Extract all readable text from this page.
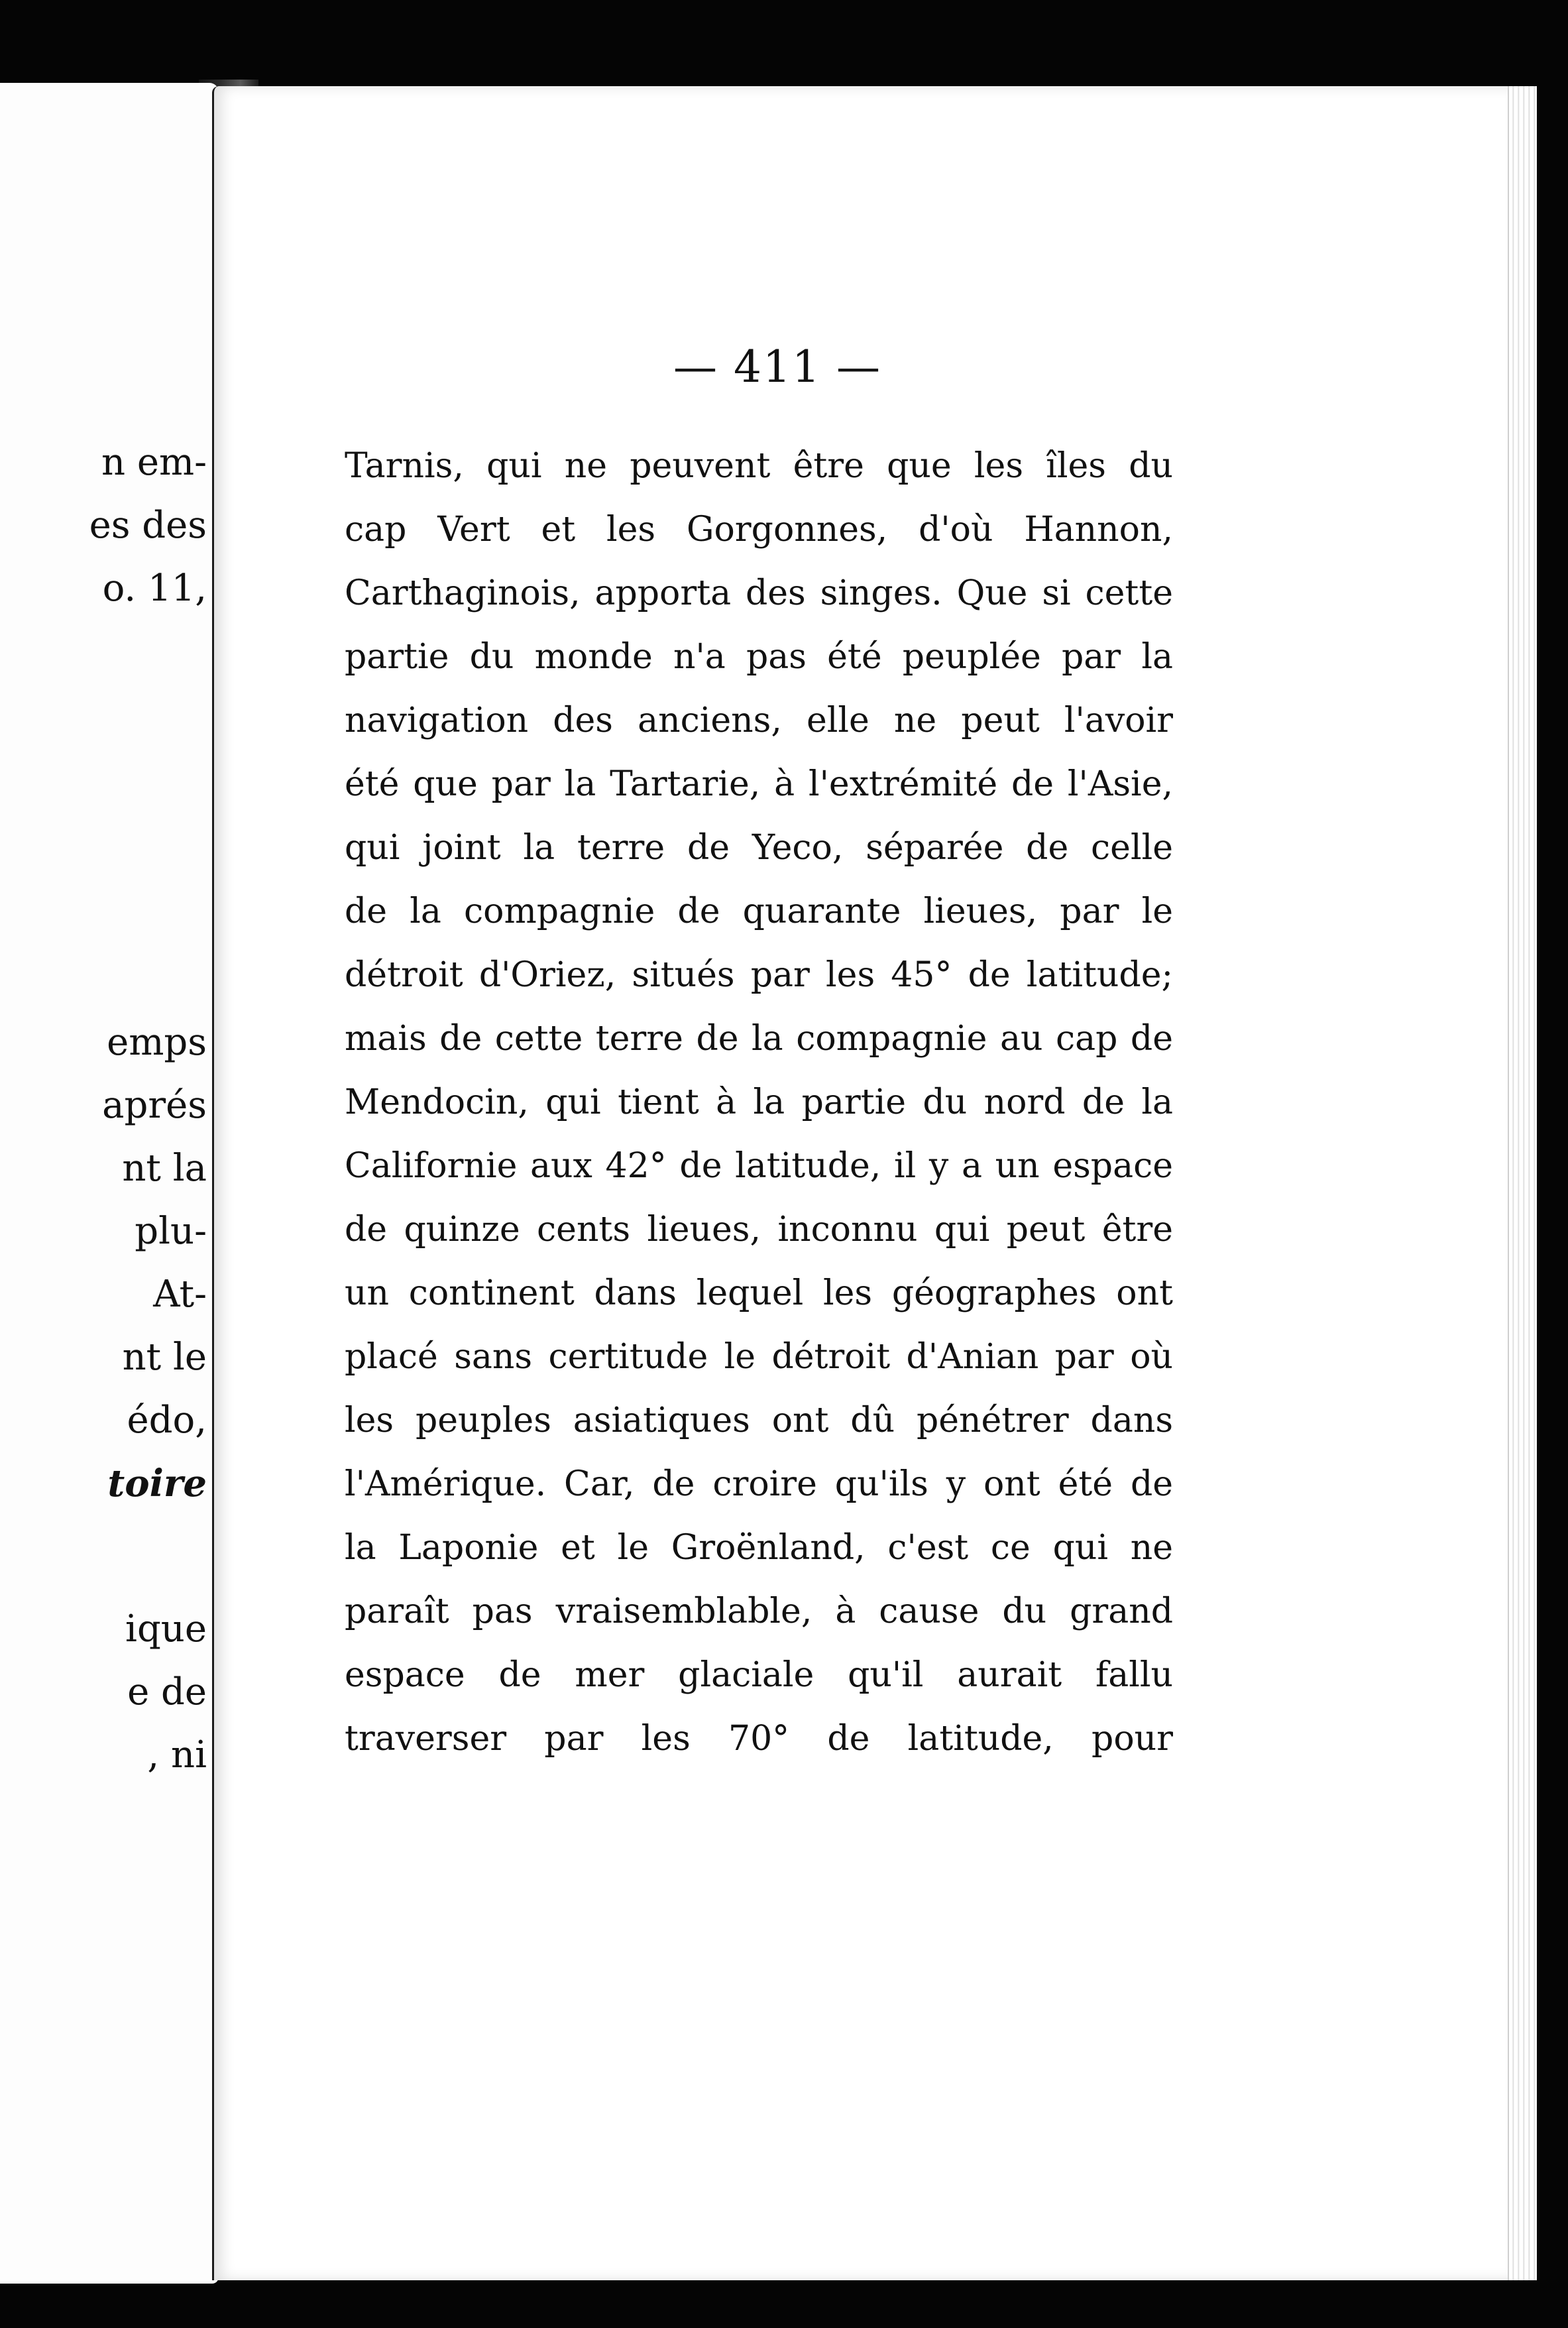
n em-
es des
o. 11,
emps
aprés
nt la
plu-
At-
nt le
édo,
toire
ique
e de
, ni
— 411 —
Tarnis, qui ne peuvent être que les îles du
cap Vert et les Gorgonnes, d'où Hannon,
Carthaginois, apporta des singes. Que si cette
partie du monde n'a pas été peuplée par la
navigation des anciens, elle ne peut l'avoir
été que par la Tartarie, à l'extrémité de l'Asie,
qui joint la terre de Yeco, séparée de celle
de la compagnie de quarante lieues, par le
détroit d'Oriez, situés par les 45° de latitude;
mais de cette terre de la compagnie au cap de
Mendocin, qui tient à la partie du nord de la
Californie aux 42° de latitude, il y a un espace
de quinze cents lieues, inconnu qui peut être
un continent dans lequel les géographes ont
placé sans certitude le détroit d'Anian par où
les peuples asiatiques ont dû pénétrer dans
l'Amérique. Car, de croire qu'ils y ont été de
la Laponie et le Groënland, c'est ce qui ne
paraît pas vraisemblable, à cause du grand
espace de mer glaciale qu'il aurait fallu
traverser par les 70° de latitude, pour
